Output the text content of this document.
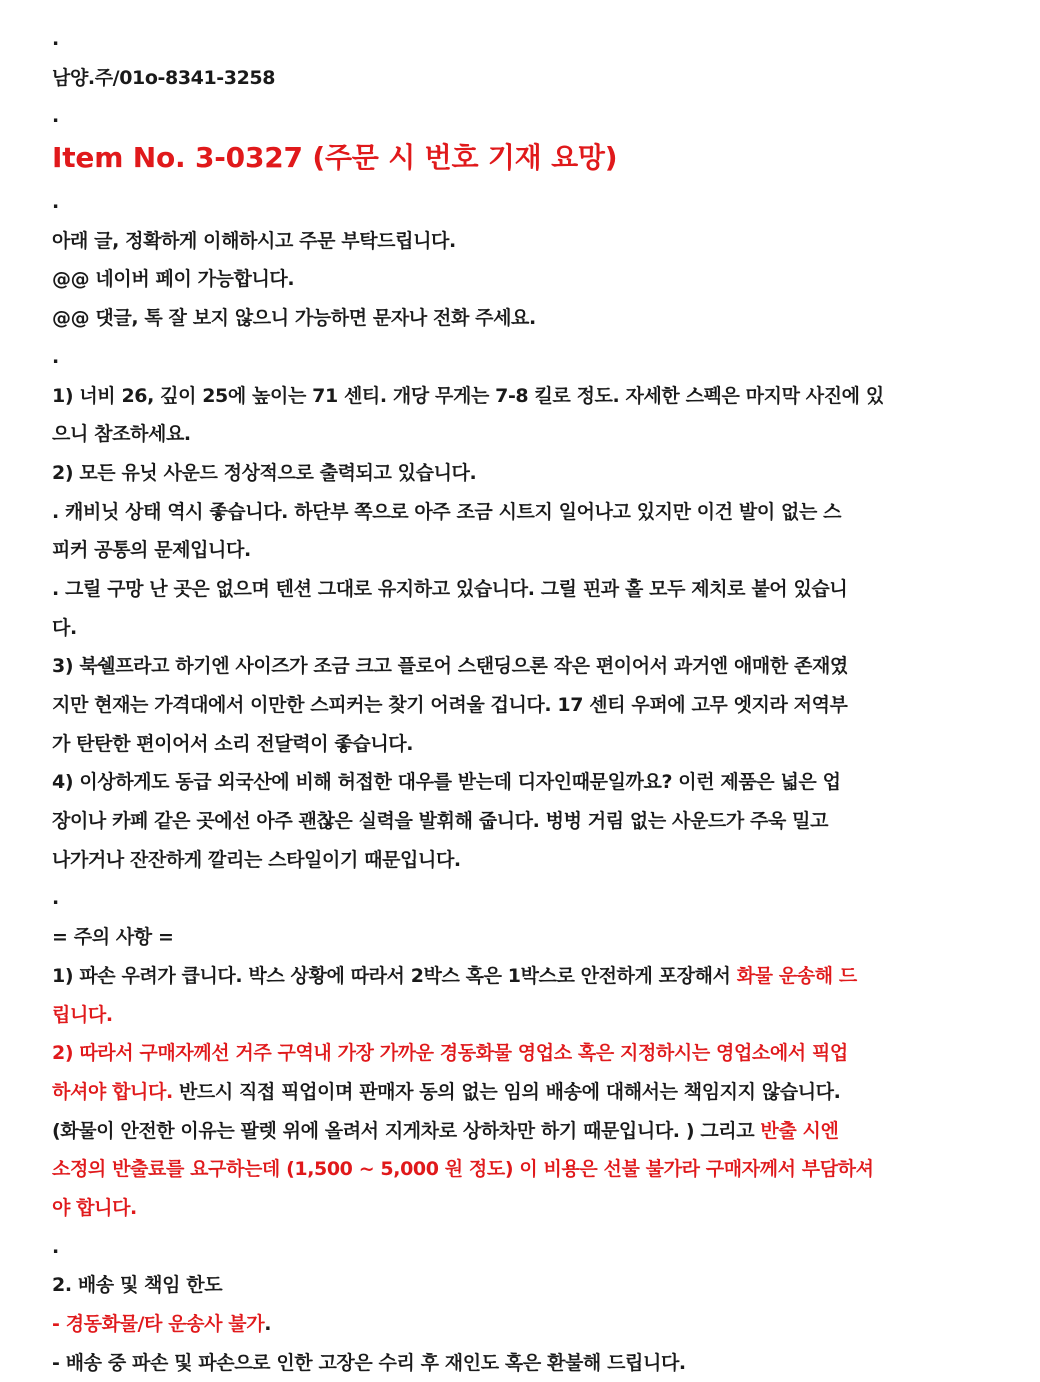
.
남양.주/01o-8341-3258
.
Item No. 3-0327 (주문 시 번호 기재 요망)
.
아래 글, 정확하게 이해하시고 주문 부탁드립니다.
@@ 네이버 페이 가능합니다.
@@ 댓글, 톡 잘 보지 않으니 가능하면 문자나 전화 주세요.
.
1) 너비 26, 깊이 25에 높이는 71 센티. 개당 무게는 7-8 킬로 정도. 자세한 스펙은 마지막 사진에 있
으니 참조하세요.
2) 모든 유닛 사운드 정상적으로 출력되고 있습니다.
. 캐비닛 상태 역시 좋습니다. 하단부 쪽으로 아주 조금 시트지 일어나고 있지만 이건 발이 없는 스
피커 공통의 문제입니다.
. 그릴 구망 난 곳은 없으며 텐션 그대로 유지하고 있습니다. 그릴 핀과 홀 모두 제치로 붙어 있습니
다.
3) 북쉘프라고 하기엔 사이즈가 조금 크고 플로어 스탠딩으론 작은 편이어서 과거엔 애매한 존재였
지만 현재는 가격대에서 이만한 스피커는 찾기 어려울 겁니다. 17 센티 우퍼에 고무 엣지라 저역부
가 탄탄한 편이어서 소리 전달력이 좋습니다.
4) 이상하게도 동급 외국산에 비해 허접한 대우를 받는데 디자인때문일까요? 이런 제품은 넓은 업
장이나 카페 같은 곳에선 아주 괜찮은 실력을 발휘해 줍니다. 벙벙 거림 없는 사운드가 주욱 밀고
나가거나 잔잔하게 깔리는 스타일이기 때문입니다.
.
= 주의 사항 =
1) 파손 우려가 큽니다. 박스 상황에 따라서 2박스 혹은 1박스로 안전하게 포장해서 화물 운송해 드
립니다.
2) 따라서 구매자께선 거주 구역내 가장 가까운 경동화물 영업소 혹은 지정하시는 영업소에서 픽업
하셔야 합니다. 반드시 직접 픽업이며 판매자 동의 없는 임의 배송에 대해서는 책임지지 않습니다.
(화물이 안전한 이유는 팔렛 위에 올려서 지게차로 상하차만 하기 때문입니다. ) 그리고 반출 시엔
소정의 반출료를 요구하는데 (1,500 ~ 5,000 원 정도) 이 비용은 선불 불가라 구매자께서 부담하셔
야 합니다.
.
2. 배송 및 책임 한도
- 경동화물/타 운송사 불가.
- 배송 중 파손 및 파손으로 인한 고장은 수리 후 재인도 혹은 환불해 드립니다.
